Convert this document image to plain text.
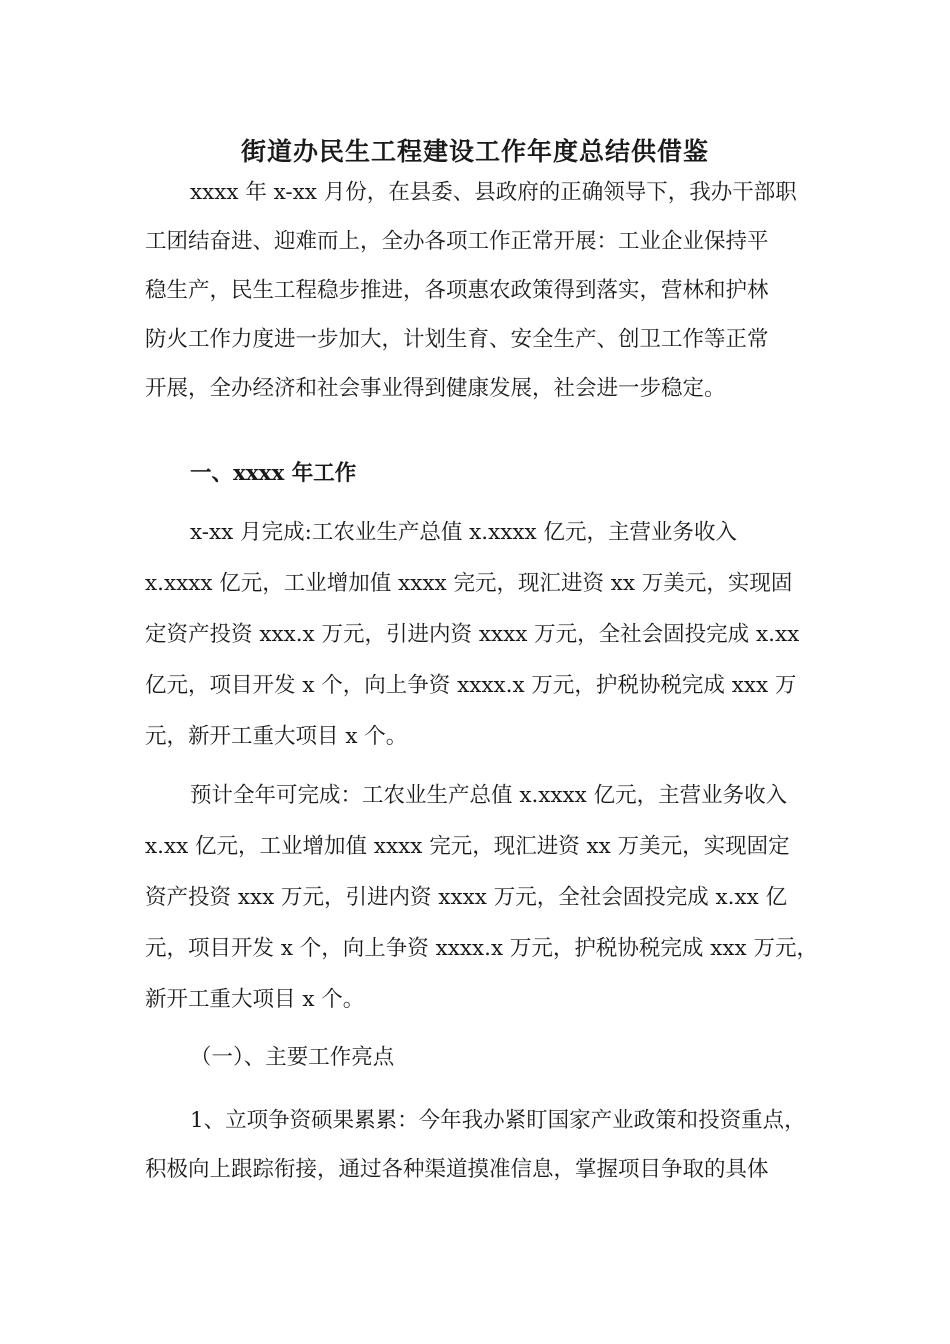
街道办民生工程建设工作年度总结供借鉴
xxxx 年 x-xx 月份，在县委、县政府的正确领导下，我办干部职
工团结奋进、迎难而上，全办各项工作正常开展：工业企业保持平
稳生产，民生工程稳步推进，各项惠农政策得到落实，营林和护林
防火工作力度进一步加大，计划生育、安全生产、创卫工作等正常
开展，全办经济和社会事业得到健康发展，社会进一步稳定。
一、xxxx 年工作
x-xx 月完成:工农业生产总值 x.xxxx 亿元，主营业务收入
x.xxxx 亿元，工业增加值 xxxx 完元，现汇进资 xx 万美元，实现固
定资产投资 xxx.x 万元，引进内资 xxxx 万元，全社会固投完成 x.xx
亿元，项目开发 x 个，向上争资 xxxx.x 万元，护税协税完成 xxx 万
元，新开工重大项目 x 个。
预计全年可完成：工农业生产总值 x.xxxx 亿元，主营业务收入
x.xx 亿元，工业增加值 xxxx 完元，现汇进资 xx 万美元，实现固定
资产投资 xxx 万元，引进内资 xxxx 万元，全社会固投完成 x.xx 亿
元，项目开发 x 个，向上争资 xxxx.x 万元，护税协税完成 xxx 万元，
新开工重大项目 x 个。
（一）、主要工作亮点
1、立项争资硕果累累：今年我办紧盯国家产业政策和投资重点，
积极向上跟踪衔接，通过各种渠道摸准信息，掌握项目争取的具体
